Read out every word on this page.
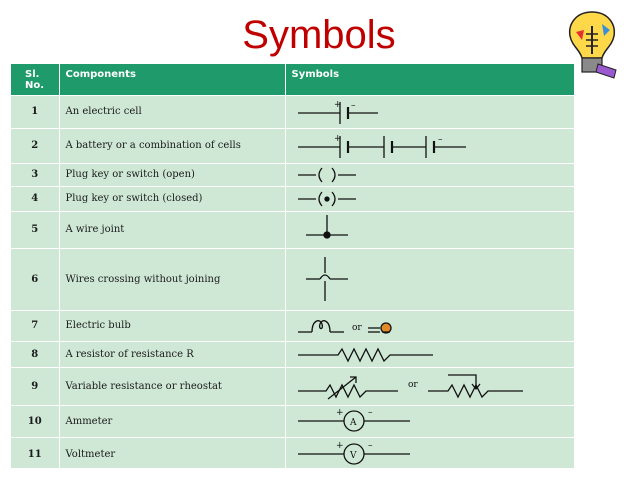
Symbols
Sl.
No.	Components	Symbols
1	An electric cell	+ –

2	A battery or a combination of cells	+ –

3	Plug key or switch (open)	

4	Plug key or switch (closed)	

5	A wire joint	

6	Wires crossing without joining	

7	Electric bulb	or

8	A resistor of resistance R	

9	Variable resistance or rheostat	or

10	Ammeter	A
+ –

11	Voltmeter	V
+ –
